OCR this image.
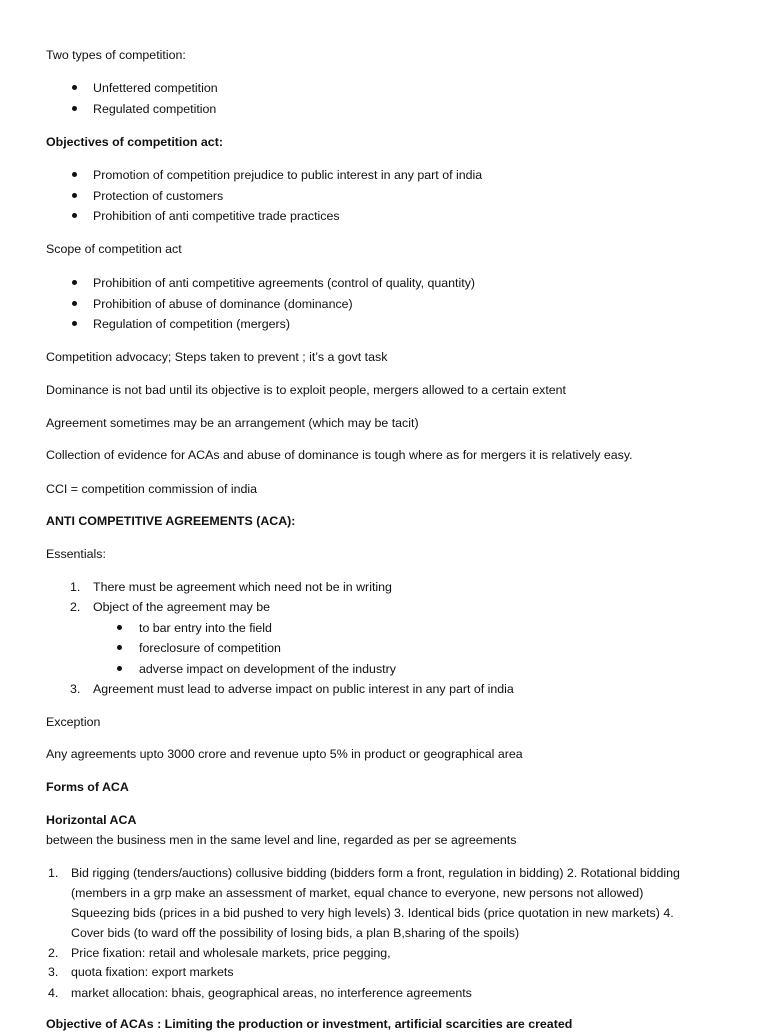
Two types of competition:
Unfettered competition
Regulated competition
Objectives of competition act:
Promotion of competition prejudice to public interest in any part of india
Protection of customers
Prohibition of anti competitive trade practices
Scope of competition act
Prohibition of anti competitive agreements (control of quality, quantity)
Prohibition of abuse of dominance (dominance)
Regulation of competition (mergers)
Competition advocacy; Steps taken to prevent ; it’s a govt task
Dominance is not bad until its objective is to exploit people, mergers allowed to a certain extent
Agreement sometimes may be an arrangement (which may be tacit)
Collection of evidence for ACAs and abuse of dominance is tough where as for mergers it is relatively easy.
CCI = competition commission of india
ANTI COMPETITIVE AGREEMENTS (ACA):
Essentials:
1. There must be agreement which need not be in writing
2. Object of the agreement may be
to bar entry into the field
foreclosure of competition
adverse impact on development of the industry
3. Agreement must lead to adverse impact on public interest in any part of india
Exception
Any agreements upto 3000 crore and revenue upto 5% in product or geographical area
Forms of ACA
Horizontal ACA
between the business men in the same level and line, regarded as per se agreements
1. Bid rigging (tenders/auctions) collusive bidding (bidders form a front, regulation in bidding) 2. Rotational bidding
(members in a grp make an assessment of market, equal chance to everyone, new persons not allowed)
Squeezing bids (prices in a bid pushed to very high levels) 3. Identical bids (price quotation in new markets) 4.
Cover bids (to ward off the possibility of losing bids, a plan B,sharing of the spoils)
2. Price fixation: retail and wholesale markets, price pegging,
3. quota fixation: export markets
4. market allocation: bhais, geographical areas, no interference agreements
Objective of ACAs : Limiting the production or investment, artificial scarcities are created
